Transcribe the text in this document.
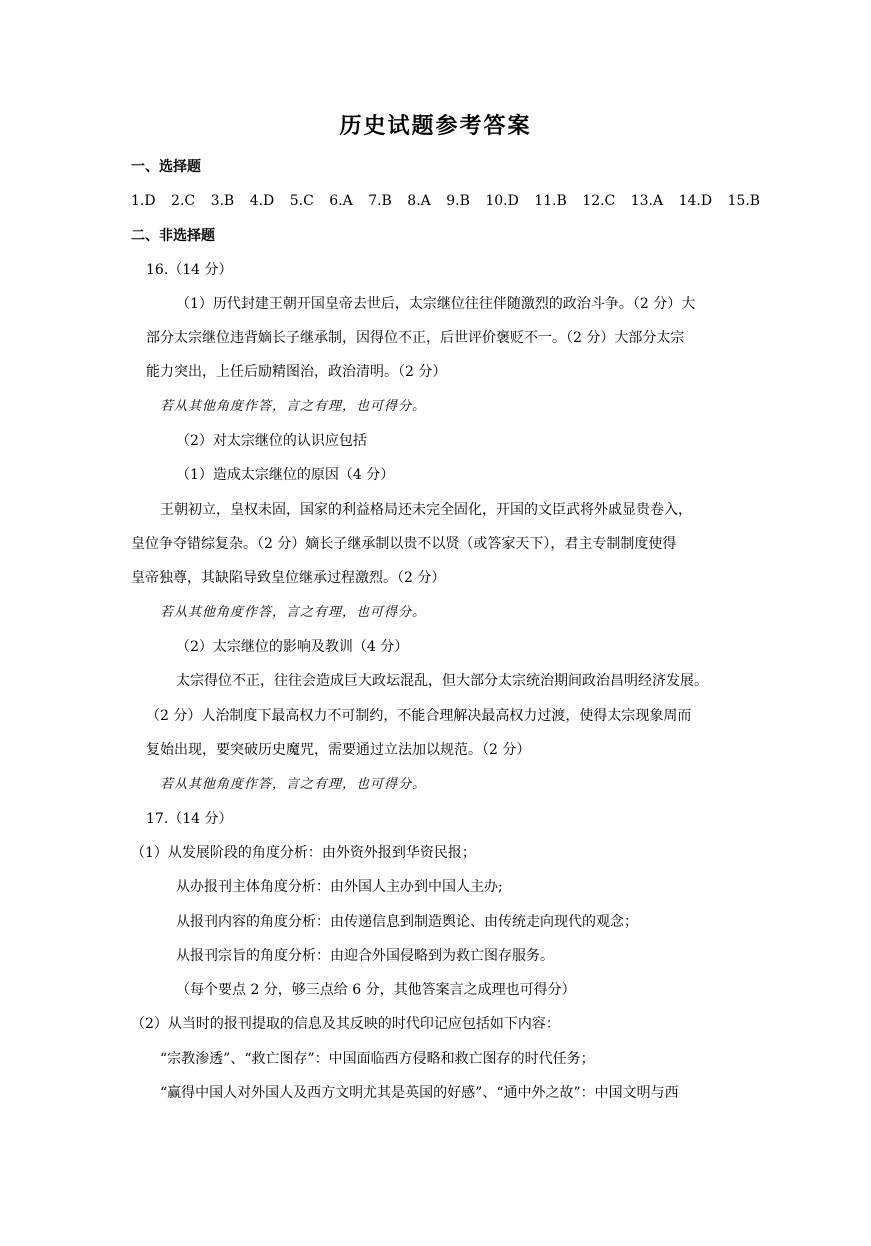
历史试题参考答案
一、选择题
1.D 2.C 3.B 4.D 5.C 6.A 7.B 8.A 9.B 10.D 11.B 12.C 13.A 14.D 15.B
二、非选择题
16.（14 分）
（1）历代封建王朝开国皇帝去世后，太宗继位往往伴随激烈的政治斗争。（2 分）大
部分太宗继位违背嫡长子继承制，因得位不正，后世评价褒贬不一。（2 分）大部分太宗
能力突出，上任后励精图治，政治清明。（2 分）
若从其他角度作答，言之有理，也可得分。
（2）对太宗继位的认识应包括
（1）造成太宗继位的原因（4 分）
王朝初立，皇权未固，国家的利益格局还未完全固化，开国的文臣武将外戚显贵卷入，
皇位争夺错综复杂。（2 分）嫡长子继承制以贵不以贤（或答家天下），君主专制制度使得
皇帝独尊，其缺陷导致皇位继承过程激烈。（2 分）
若从其他角度作答，言之有理，也可得分。
（2）太宗继位的影响及教训（4 分）
太宗得位不正，往往会造成巨大政坛混乱，但大部分太宗统治期间政治昌明经济发展。
（2 分）人治制度下最高权力不可制约，不能合理解决最高权力过渡，使得太宗现象周而
复始出现，要突破历史魔咒，需要通过立法加以规范。（2 分）
若从其他角度作答，言之有理，也可得分。
17.（14 分）
（1）从发展阶段的角度分析：由外资外报到华资民报；
从办报刊主体角度分析：由外国人主办到中国人主办;
从报刊内容的角度分析：由传递信息到制造舆论、由传统走向现代的观念；
从报刊宗旨的角度分析：由迎合外国侵略到为救亡图存服务。
（每个要点 2 分，够三点给 6 分，其他答案言之成理也可得分）
（2）从当时的报刊提取的信息及其反映的时代印记应包括如下内容：
“宗教渗透”、“救亡图存”：中国面临西方侵略和救亡图存的时代任务；
“赢得中国人对外国人及西方文明尤其是英国的好感”、“通中外之故”：中国文明与西
